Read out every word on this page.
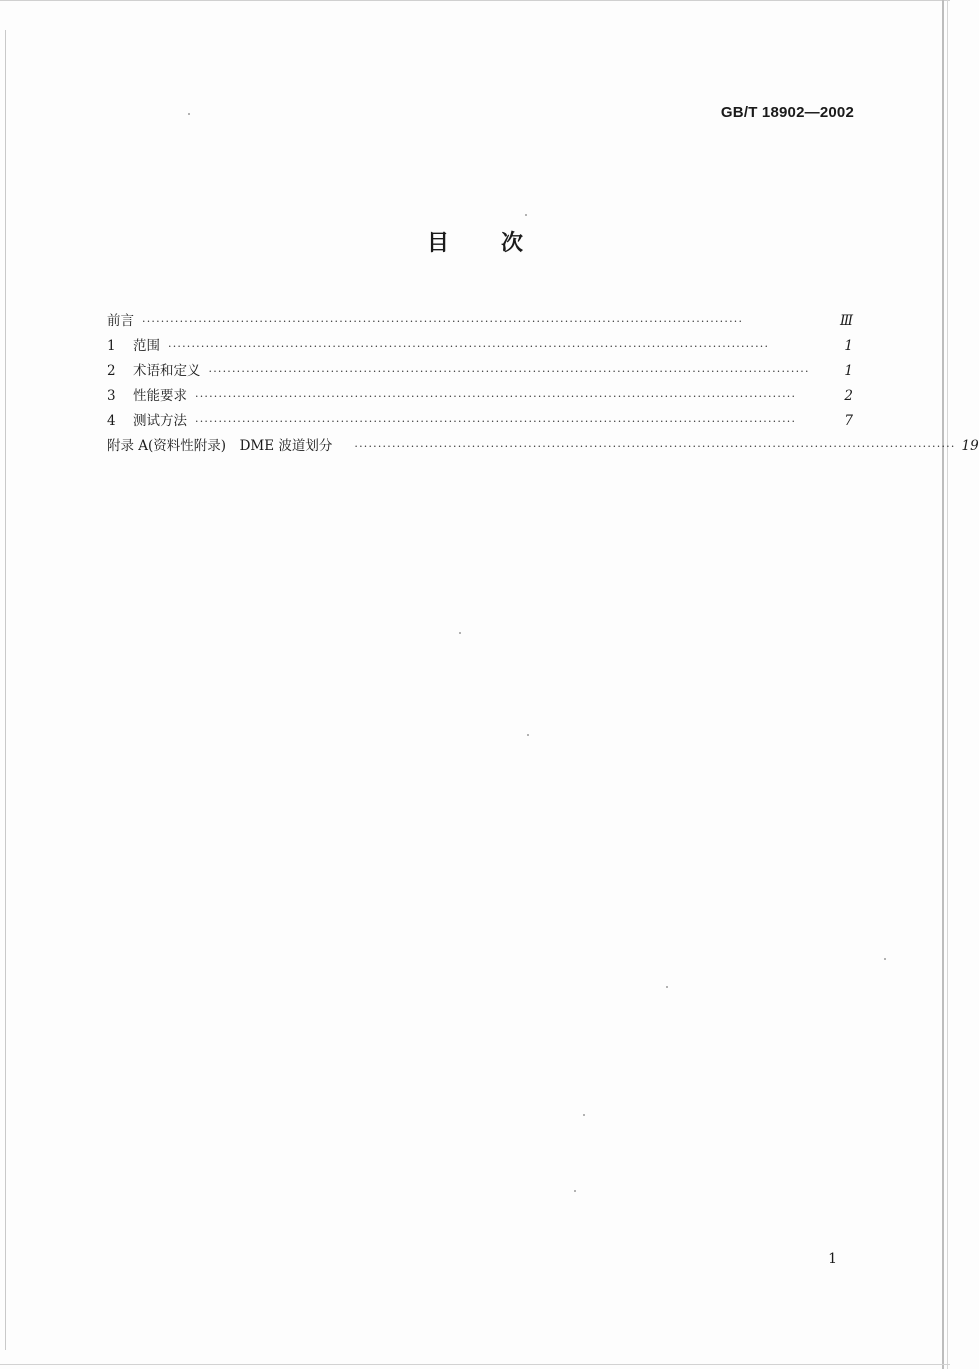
GB/T 18902—2002
目 次
前言 ································································································································	Ⅲ
1 范围 ································································································································	1
2 术语和定义 ································································································································	1
3 性能要求 ································································································································	2
4 测试方法 ································································································································	7
附录 A(资料性附录)　DME 波道划分 ································································································································ 19
1
